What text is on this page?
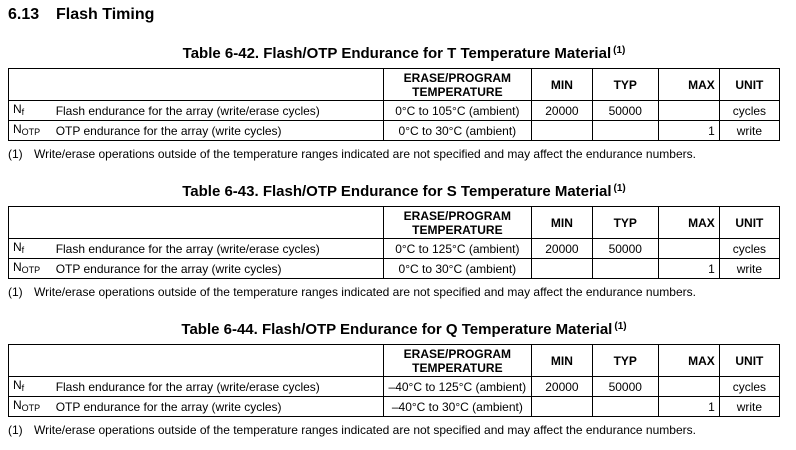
6.13 Flash Timing
Table 6-42. Flash/OTP Endurance for T Temperature Material $^{(1)}$
		ERASE/PROGRAM TEMPERATURE	MIN	TYP	MAX	UNIT
$N_f$	Flash endurance for the array (write/erase cycles)	0°C to 105°C (ambient)	20000	50000		cycles
$N_{OTP}$	OTP endurance for the array (write cycles)	0°C to 30°C (ambient)			1	write
(1) Write/erase operations outside of the temperature ranges indicated are not specified and may affect the endurance numbers.
Table 6-43. Flash/OTP Endurance for S Temperature Material $^{(1)}$
		ERASE/PROGRAM TEMPERATURE	MIN	TYP	MAX	UNIT
$N_f$	Flash endurance for the array (write/erase cycles)	0°C to 125°C (ambient)	20000	50000		cycles
$N_{OTP}$	OTP endurance for the array (write cycles)	0°C to 30°C (ambient)			1	write
(1) Write/erase operations outside of the temperature ranges indicated are not specified and may affect the endurance numbers.
Table 6-44. Flash/OTP Endurance for Q Temperature Material $^{(1)}$
		ERASE/PROGRAM TEMPERATURE	MIN	TYP	MAX	UNIT
$N_f$	Flash endurance for the array (write/erase cycles)	–40°C to 125°C (ambient)	20000	50000		cycles
$N_{OTP}$	OTP endurance for the array (write cycles)	–40°C to 30°C (ambient)			1	write
(1) Write/erase operations outside of the temperature ranges indicated are not specified and may affect the endurance numbers.
